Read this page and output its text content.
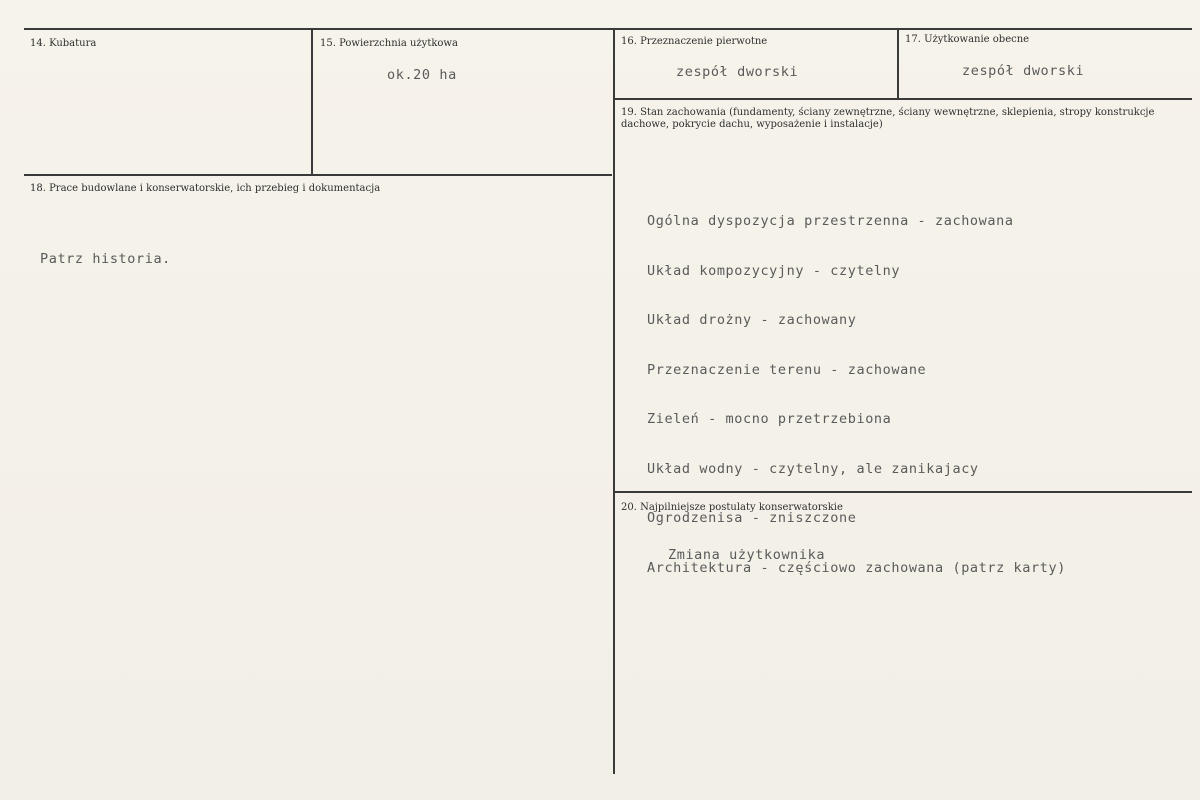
14. Kubatura	15. Powierzchnia użytkowa
ok.20 ha
16. Przeznaczenie pierwotne
zespół dworski
17. Użytkowanie obecne
zespół dworski
18. Prace budowlane i konserwatorskie, ich przebieg i dokumentacja
Patrz historia.
19. Stan zachowania (fundamenty, ściany zewnętrzne, ściany wewnętrzne, sklepienia, stropy konstrukcje dachowe, pokrycie dachu, wyposażenie i instalacje)

Ogólna dyspozycja przestrzenna - zachowana

Układ kompozycyjny - czytelny

Układ drożny - zachowany

Przeznaczenie terenu - zachowane

Zieleń - mocno przetrzebiona

Układ wodny - czytelny, ale zanikajacy

Ogrodzenisa - zniszczone

Architektura - częściowo zachowana (patrz karty)

20. Najpilniejsze postulaty konserwatorskie
Zmiana użytkownika
